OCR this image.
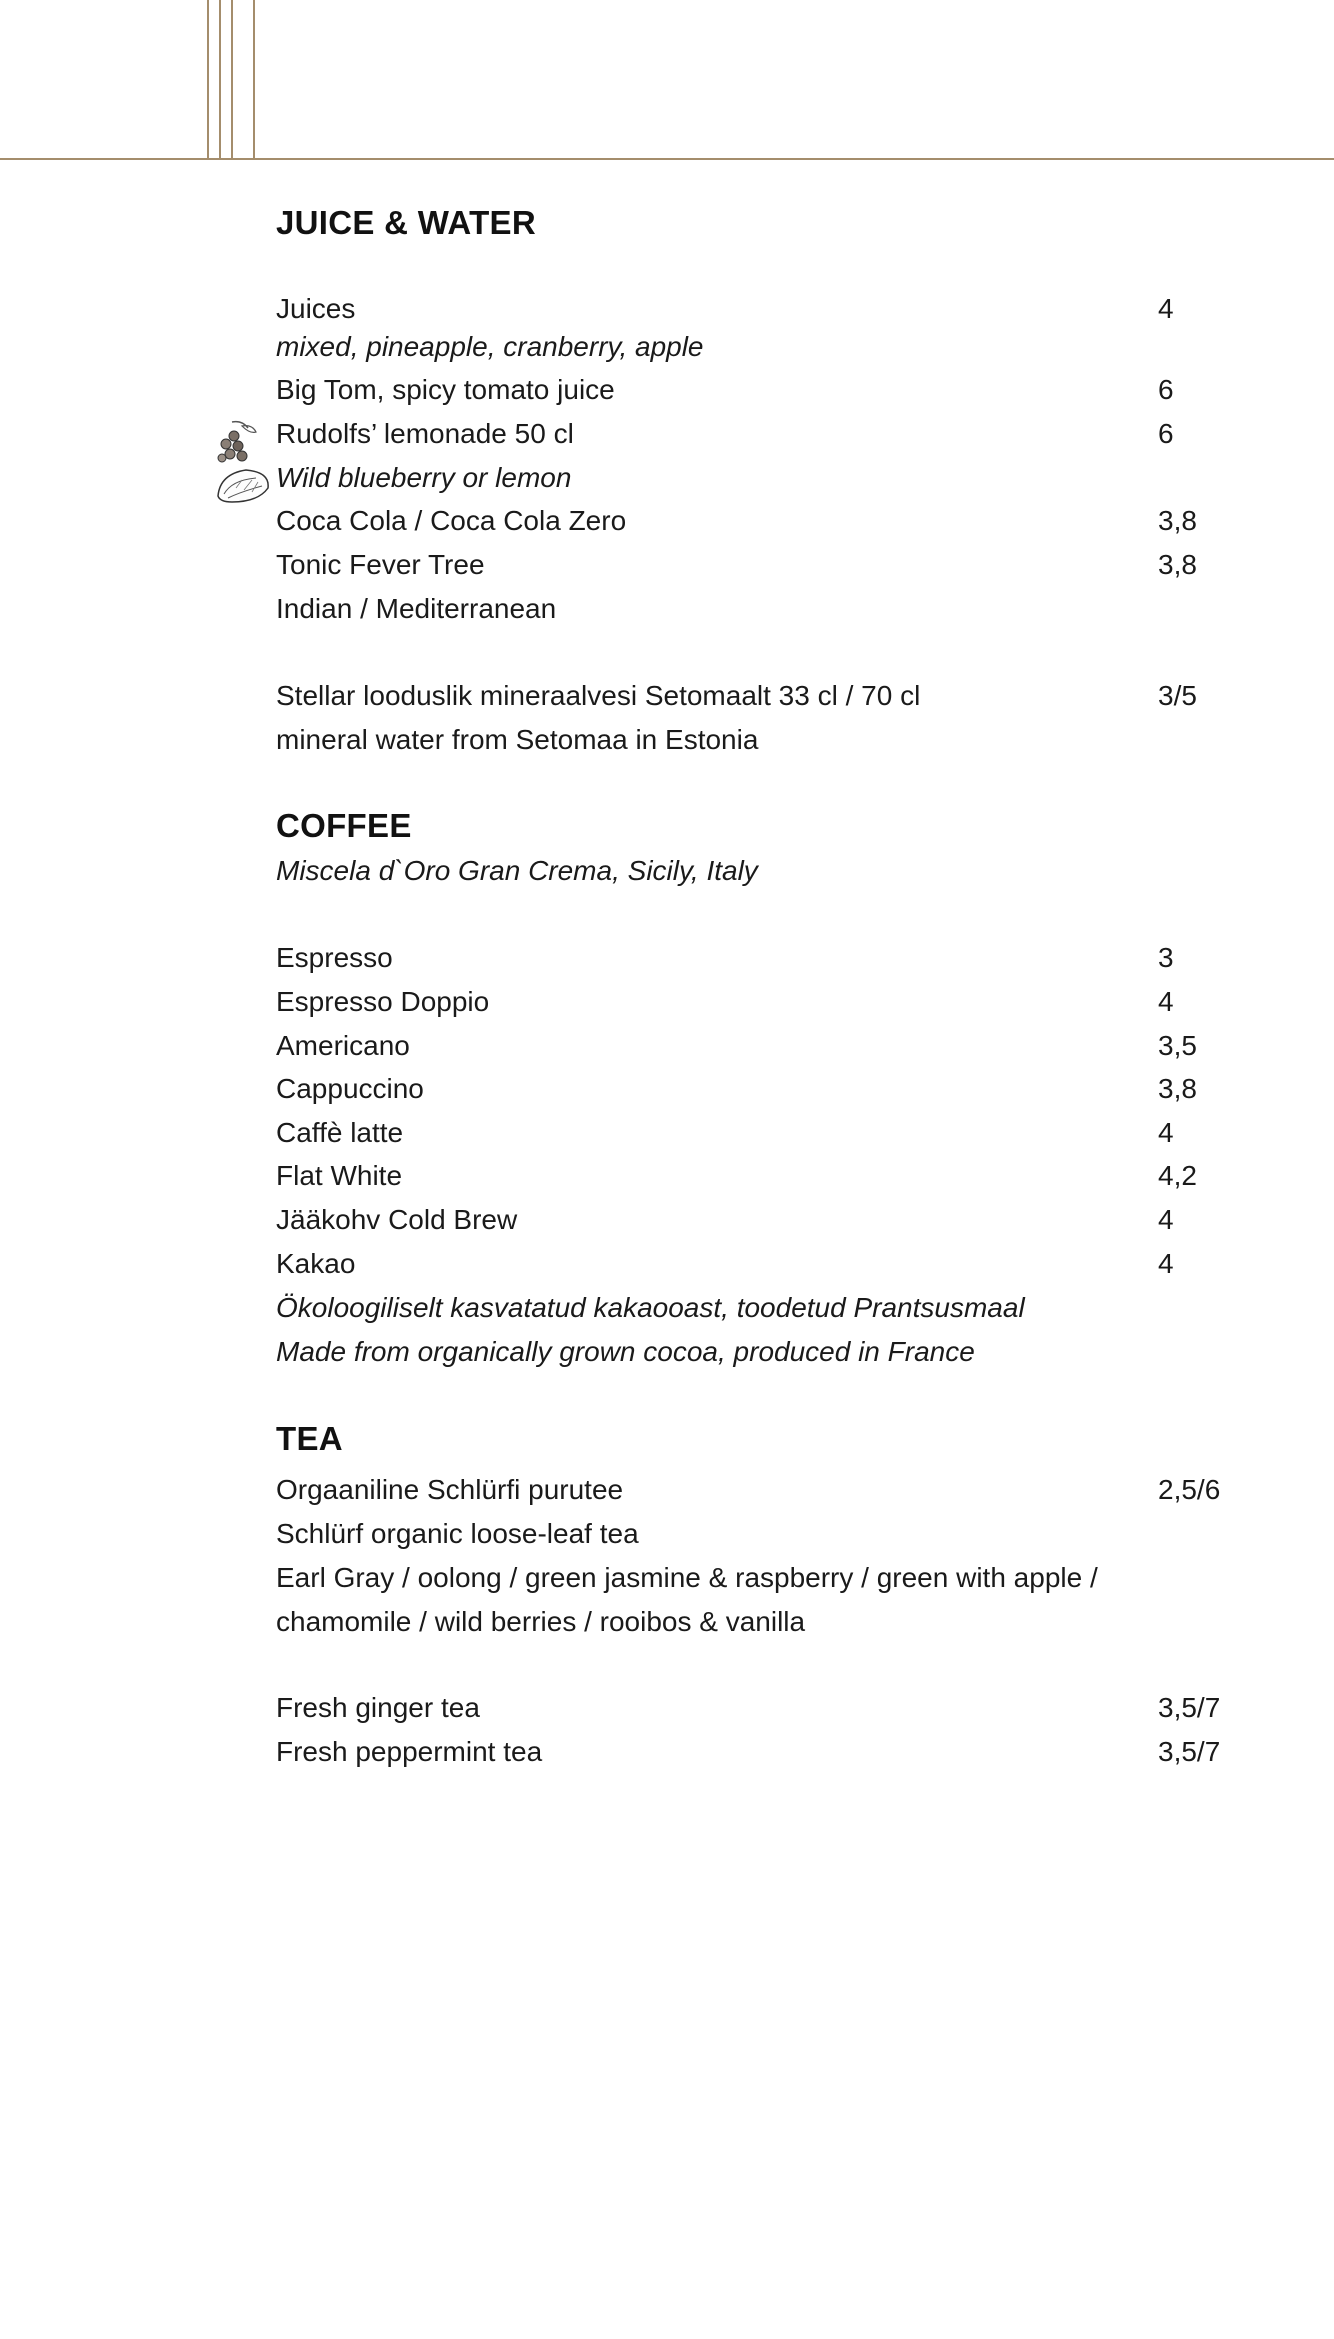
JUICE & WATER
Juices	4
mixed, pineapple, cranberry, apple
Big Tom, spicy tomato juice	6
Rudolfs’ lemonade 50 cl	6
Wild blueberry or lemon
Coca Cola / Coca Cola Zero	3,8
Tonic Fever Tree	3,8
Indian / Mediterranean
Stellar looduslik mineraalvesi Setomaalt 33 cl / 70 cl	3/5
mineral water from Setomaa in Estonia
COFFEE
Miscela d`Oro Gran Crema, Sicily, Italy
Espresso	3
Espresso Doppio	4
Americano	3,5
Cappuccino	3,8
Caffè latte	4
Flat White	4,2
Jääkohv Cold Brew	4
Kakao	4
Ökoloogiliselt kasvatatud kakaooast, toodetud Prantsusmaal
Made from organically grown cocoa, produced in France
TEA
Orgaaniline Schlürfi purutee	2,5/6
Schlürf organic loose-leaf tea
Earl Gray / oolong / green jasmine & raspberry / green with apple /
chamomile / wild berries / rooibos & vanilla
Fresh ginger tea	3,5/7
Fresh peppermint tea	3,5/7
